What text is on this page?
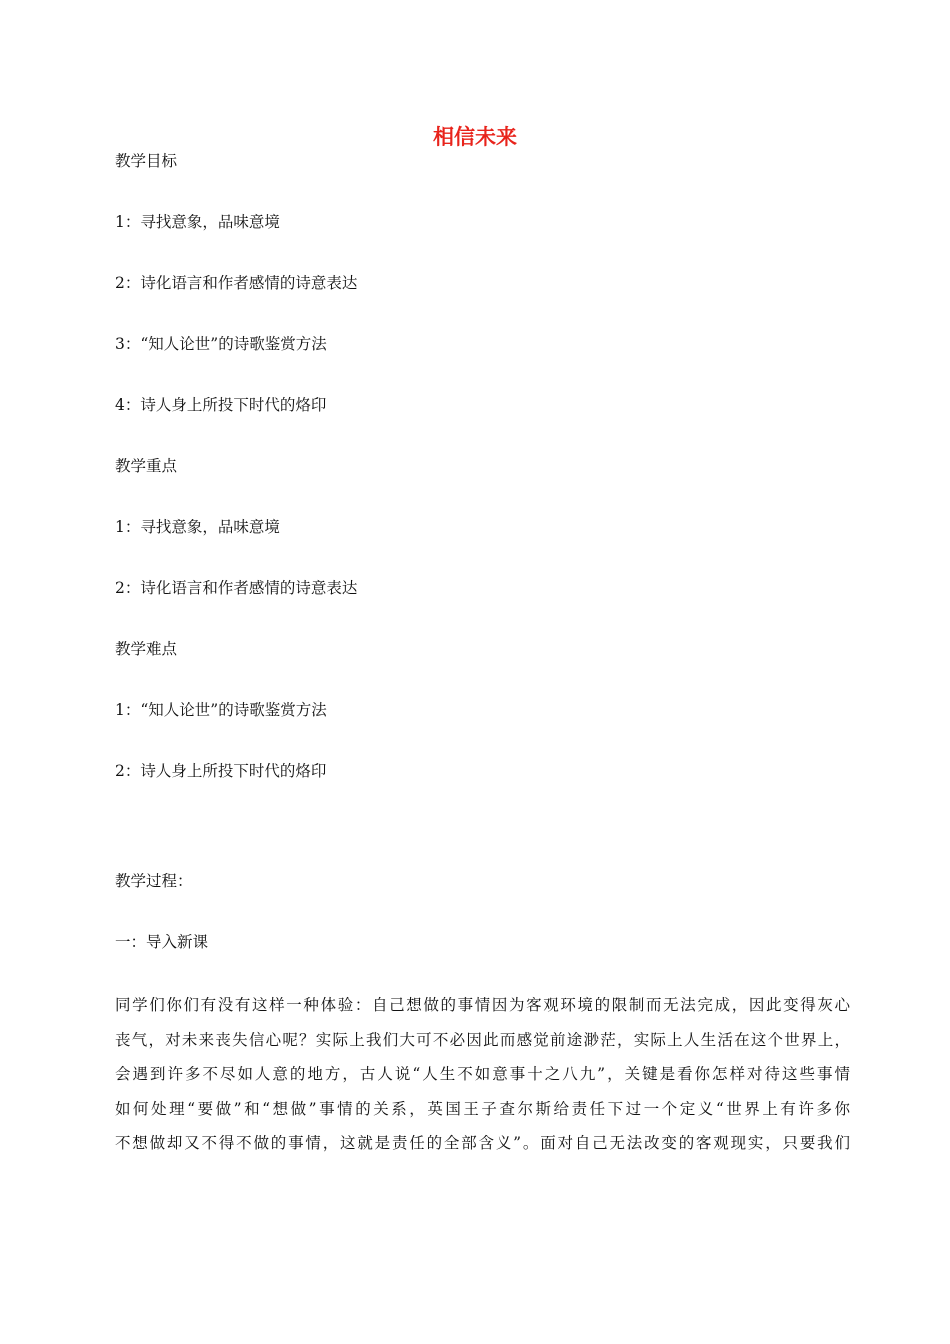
相信未来
教学目标
1：寻找意象，品味意境
2：诗化语言和作者感情的诗意表达
3：“知人论世”的诗歌鉴赏方法
4：诗人身上所投下时代的烙印
教学重点
1：寻找意象，品味意境
2：诗化语言和作者感情的诗意表达
教学难点
1：“知人论世”的诗歌鉴赏方法
2：诗人身上所投下时代的烙印
教学过程：
一：导入新课
同学们你们有没有这样一种体验：自己想做的事情因为客观环境的限制而无法完成，因此变得灰心
丧气，对未来丧失信心呢？实际上我们大可不必因此而感觉前途渺茫，实际上人生活在这个世界上，
会遇到许多不尽如人意的地方，古人说“人生不如意事十之八九”，关键是看你怎样对待这些事情
如何处理“要做”和“想做”事情的关系，英国王子查尔斯给责任下过一个定义“世界上有许多你
不想做却又不得不做的事情，这就是责任的全部含义”。面对自己无法改变的客观现实，只要我们
